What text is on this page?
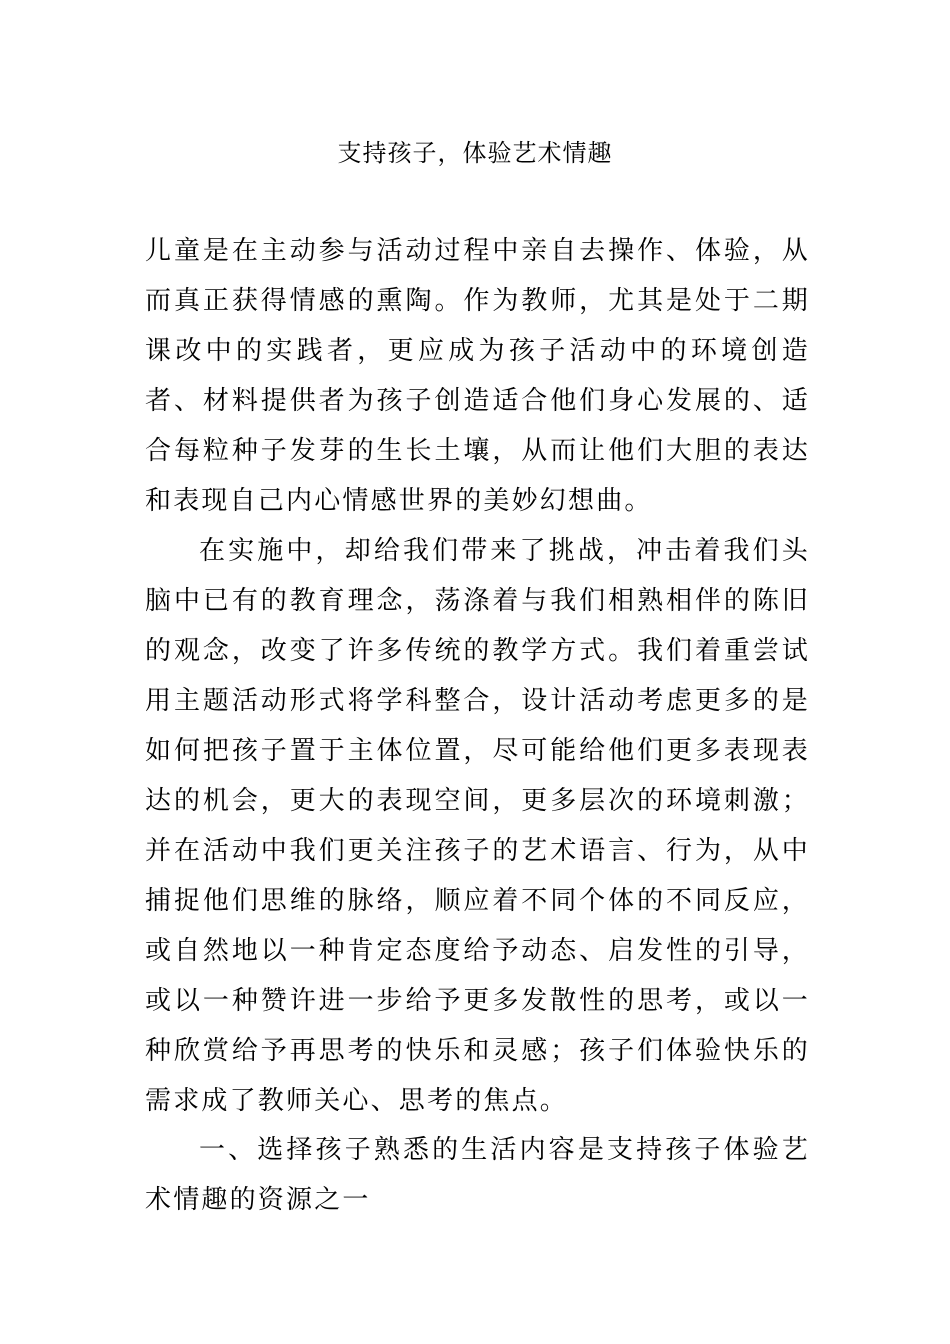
支持孩子，体验艺术情趣

儿童是在主动参与活动过程中亲自去操作、体验，从而真正获得情感的熏陶。作为教师，尤其是处于二期课改中的实践者，更应成为孩子活动中的环境创造者、材料提供者为孩子创造适合他们身心发展的、适合每粒种子发芽的生长土壤，从而让他们大胆的表达和表现自己内心情感世界的美妙幻想曲。

在实施中，却给我们带来了挑战，冲击着我们头脑中已有的教育理念，荡涤着与我们相熟相伴的陈旧的观念，改变了许多传统的教学方式。我们着重尝试用主题活动形式将学科整合，设计活动考虑更多的是如何把孩子置于主体位置，尽可能给他们更多表现表达的机会，更大的表现空间，更多层次的环境刺激；并在活动中我们更关注孩子的艺术语言、行为，从中捕捉他们思维的脉络，顺应着不同个体的不同反应，或自然地以一种肯定态度给予动态、启发性的引导，或以一种赞许进一步给予更多发散性的思考，或以一种欣赏给予再思考的快乐和灵感；孩子们体验快乐的需求成了教师关心、思考的焦点。

一、选择孩子熟悉的生活内容是支持孩子体验艺术情趣的资源之一
